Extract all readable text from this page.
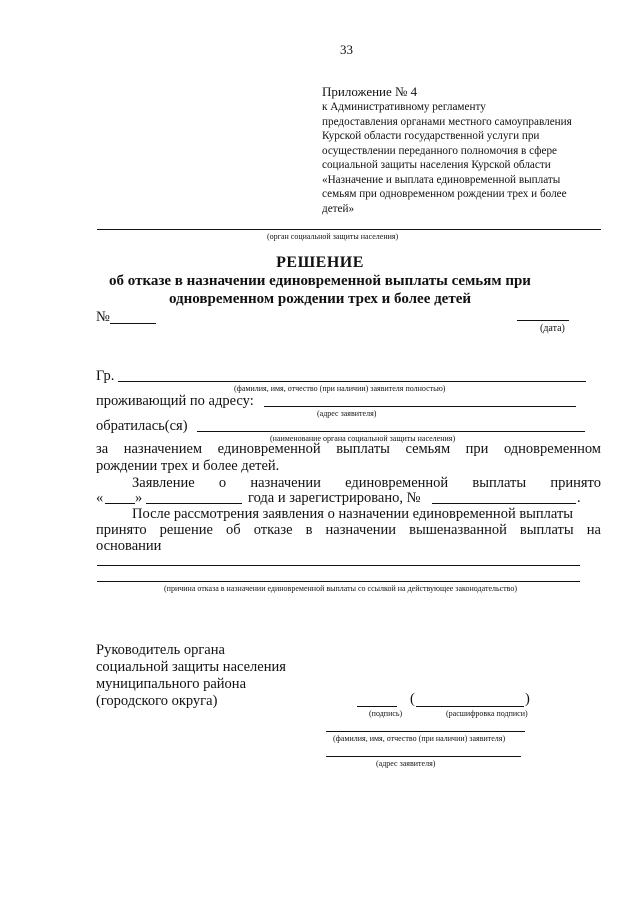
33
Приложение № 4
к Административному регламенту
предоставления органами местного самоуправления
Курской области государственной услуги при
осуществлении переданного полномочия в сфере
социальной защиты населения Курской области
«Назначение и выплата единовременной выплаты
семьям при одновременном рождении трех и более
детей»
(орган социальной защиты населения)
РЕШЕНИЕ
об отказе в назначении единовременной выплаты семьям при
одновременном рождении трех и более детей
№
(дата)
Гр.
(фамилия, имя, отчество (при наличии) заявителя полностью)
проживающий по адресу:
(адрес заявителя)
обратилась(ся)
(наименование органа социальной защиты населения)
за назначением единовременной выплаты семьям при одновременном
рождении трех и более детей.
Заявление о назначении единовременной выплаты принято
« »	года и зарегистрировано, №	.
После рассмотрения заявления о назначении единовременной выплаты
принято решение об отказе в назначении вышеназванной выплаты на
основании
(причина отказа в назначении единовременной выплаты со ссылкой на действующее законодательство)
Руководитель органа
социальной защиты населения
муниципального района
(городского округа)	(	)
(подпись)	(расшифровка подписи)
(фамилия, имя, отчество (при наличии) заявителя)
(адрес заявителя)
